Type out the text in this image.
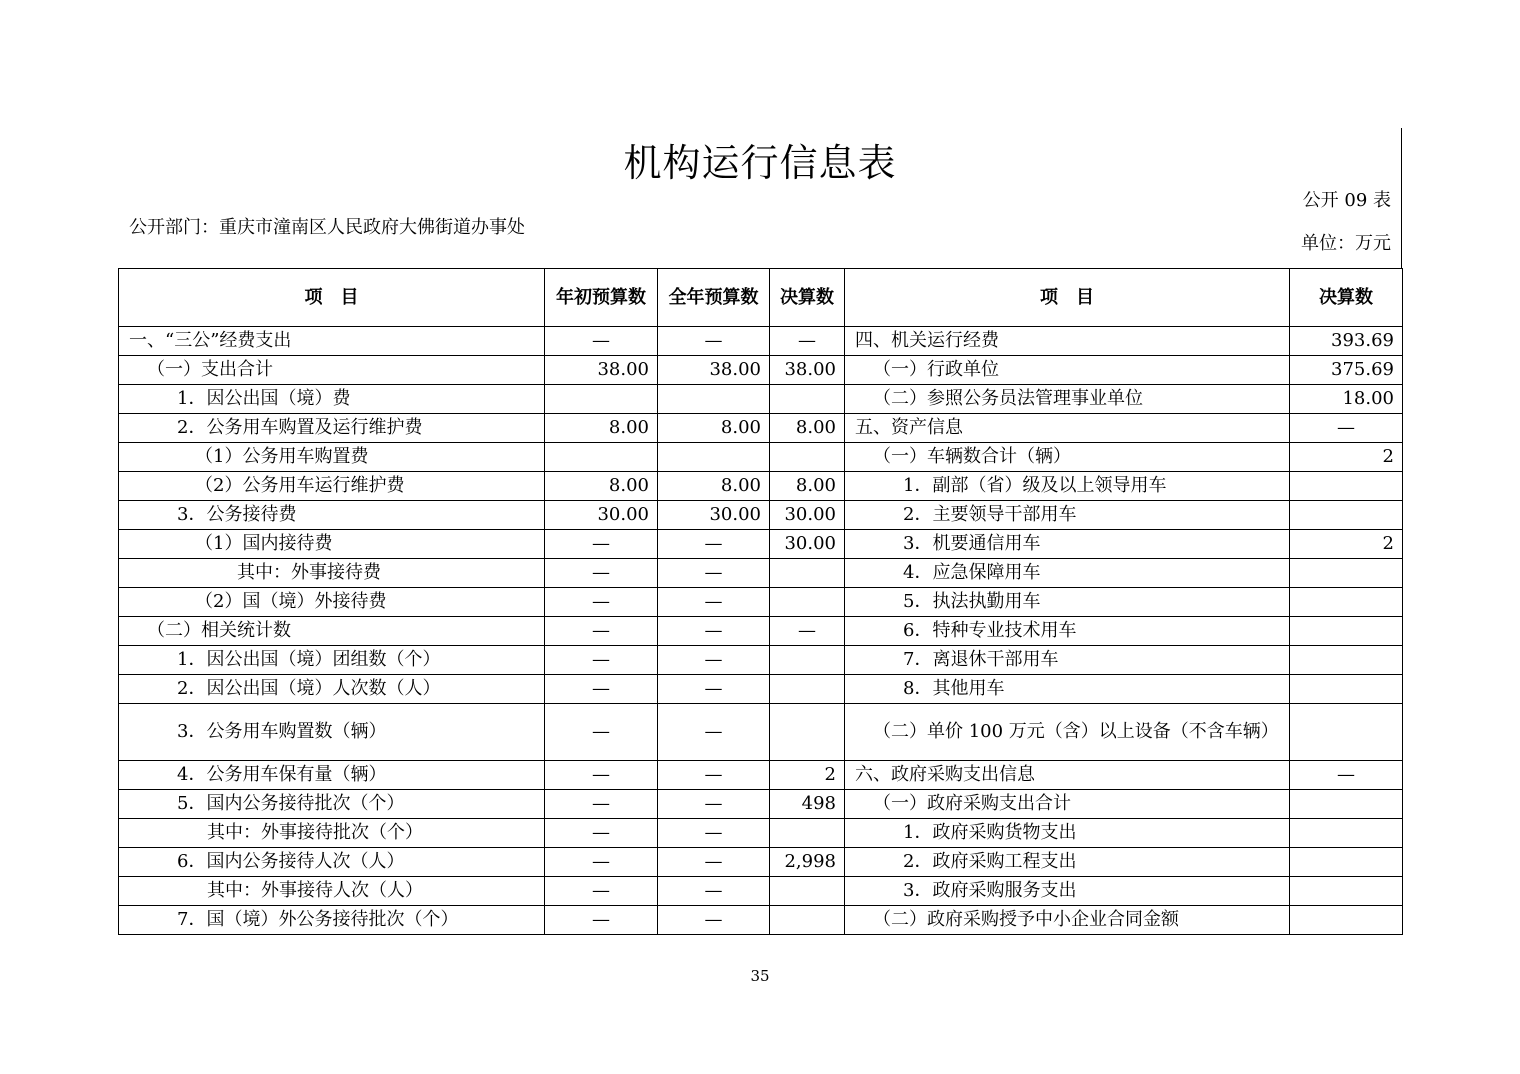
机构运行信息表
公开 09 表
公开部门：重庆市潼南区人民政府大佛街道办事处
单位：万元
项　目	年初预算数	全年预算数	决算数	项　目	决算数
一、“三公”经费支出	—	—	—	四、机关运行经费	393.69
（一）支出合计	38.00	38.00	38.00	（一）行政单位	375.69
1．因公出国（境）费				（二）参照公务员法管理事业单位	18.00
2．公务用车购置及运行维护费	8.00	8.00	8.00	五、资产信息	—
（1）公务用车购置费				（一）车辆数合计（辆）	2
（2）公务用车运行维护费	8.00	8.00	8.00	1．副部（省）级及以上领导用车	
3．公务接待费	30.00	30.00	30.00	2．主要领导干部用车	
（1）国内接待费	—	—	30.00	3．机要通信用车	2
其中：外事接待费	—	—		4．应急保障用车	
（2）国（境）外接待费	—	—		5．执法执勤用车	
（二）相关统计数	—	—	—	6．特种专业技术用车	
1．因公出国（境）团组数（个）	—	—		7．离退休干部用车	
2．因公出国（境）人次数（人）	—	—		8．其他用车	
3．公务用车购置数（辆）	—	—		（二）单价 100 万元（含）以上设备（不含车辆）	
4．公务用车保有量（辆）	—	—	2	六、政府采购支出信息	—
5．国内公务接待批次（个）	—	—	498	（一）政府采购支出合计	
其中：外事接待批次（个）	—	—		1．政府采购货物支出	
6．国内公务接待人次（人）	—	—	2,998	2．政府采购工程支出	
其中：外事接待人次（人）	—	—		3．政府采购服务支出	
7．国（境）外公务接待批次（个）	—	—		（二）政府采购授予中小企业合同金额	
35
